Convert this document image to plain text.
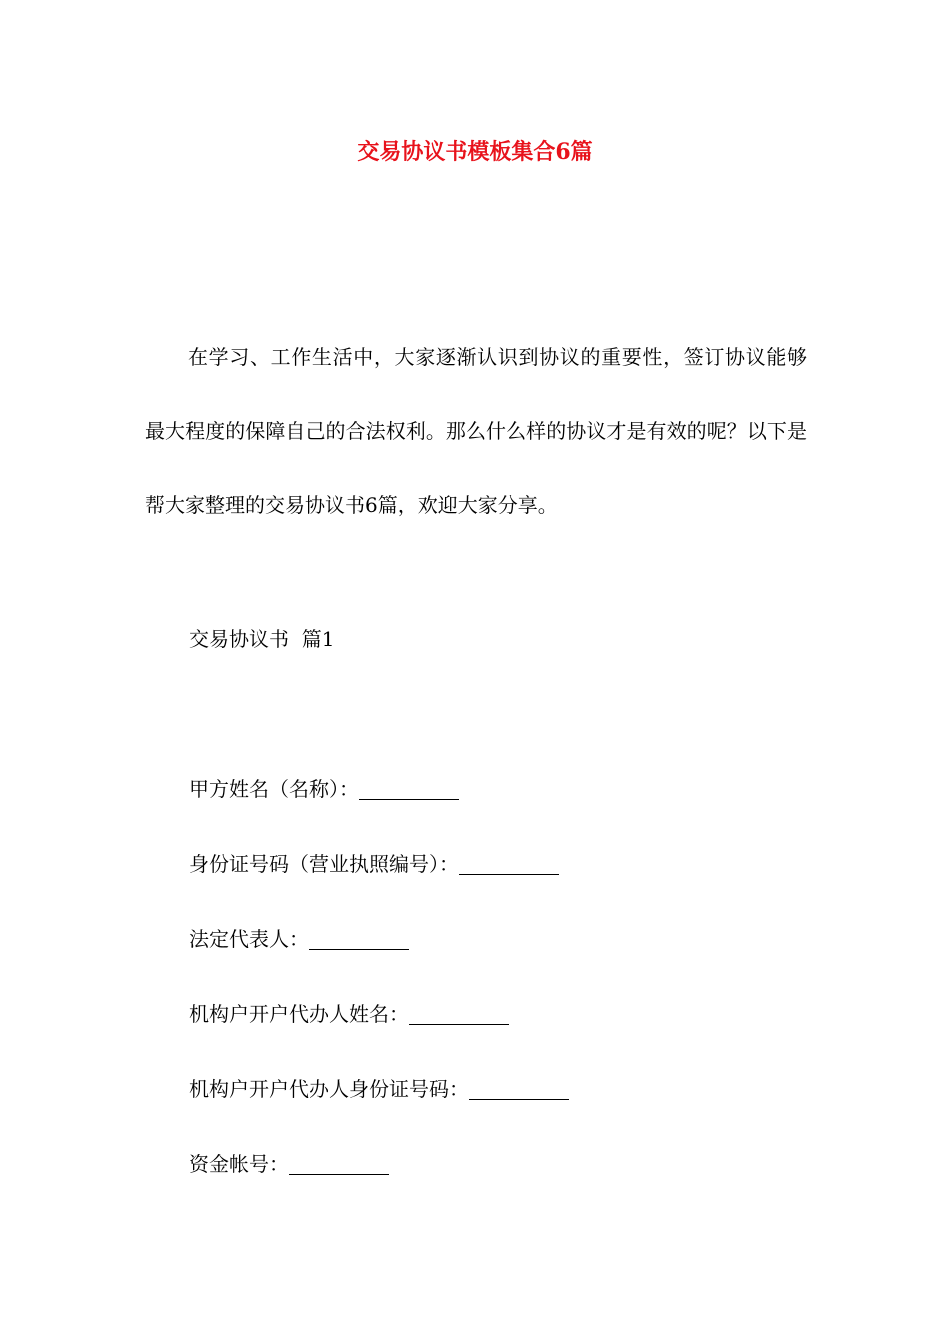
交易协议书模板集合6篇

在学习、工作生活中，大家逐渐认识到协议的重要性，签订协议能够最大程度的保障自己的合法权利。那么什么样的协议才是有效的呢？以下是帮大家整理的交易协议书6篇，欢迎大家分享。

交易协议书  篇1

甲方姓名（名称）：
身份证号码（营业执照编号）：
法定代表人：
机构户开户代办人姓名：
机构户开户代办人身份证号码：
资金帐号：
